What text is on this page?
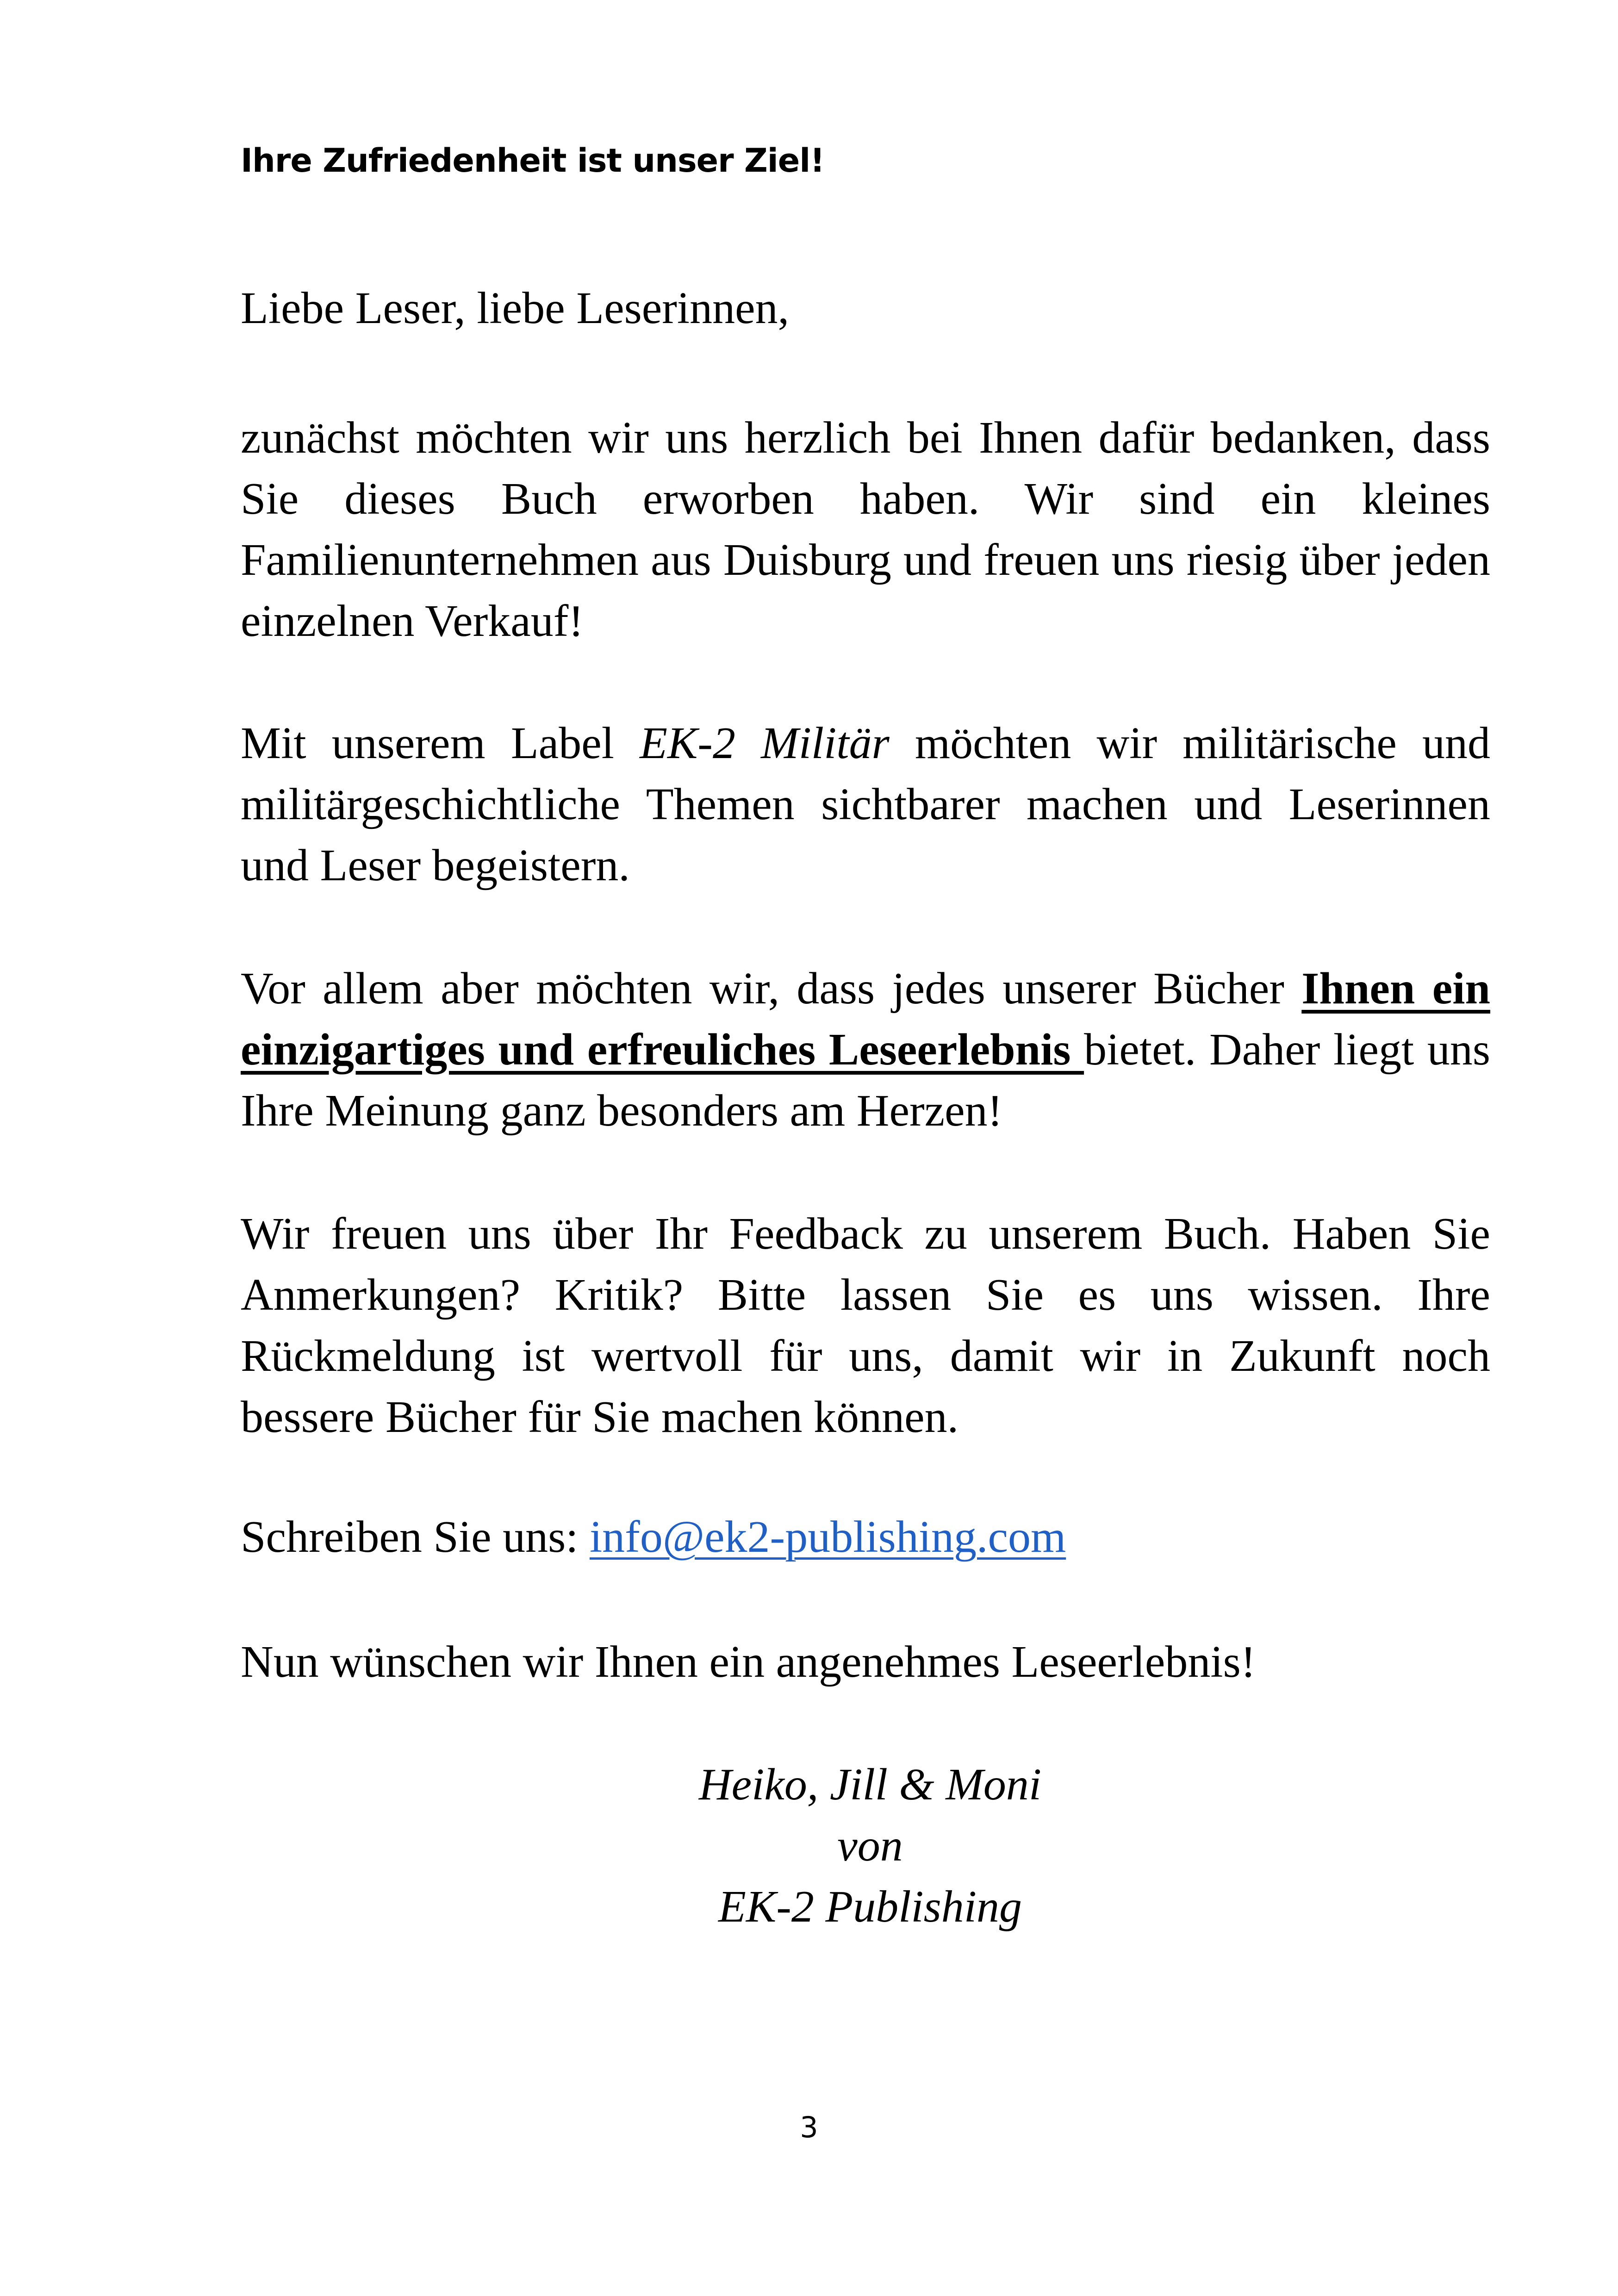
Ihre Zufriedenheit ist unser Ziel!

Liebe Leser, liebe Leserinnen,

zunächst möchten wir uns herzlich bei Ihnen dafür bedanken, dass Sie dieses Buch erworben haben. Wir sind ein kleines Familienunternehmen aus Duisburg und freuen uns riesig über jeden einzelnen Verkauf!

Mit unserem Label EK-2 Militär möchten wir militärische und militärgeschichtliche Themen sichtbarer machen und Leserinnen und Leser begeistern.

Vor allem aber möchten wir, dass jedes unserer Bücher Ihnen ein einzigartiges und erfreuliches Leseerlebnis bietet. Daher liegt uns Ihre Meinung ganz besonders am Herzen!

Wir freuen uns über Ihr Feedback zu unserem Buch. Haben Sie Anmerkungen? Kritik? Bitte lassen Sie es uns wissen. Ihre Rückmeldung ist wertvoll für uns, damit wir in Zukunft noch bessere Bücher für Sie machen können.

Schreiben Sie uns: info@ek2-publishing.com

Nun wünschen wir Ihnen ein angenehmes Leseerlebnis!

Heiko, Jill & Moni
von
EK-2 Publishing

3
